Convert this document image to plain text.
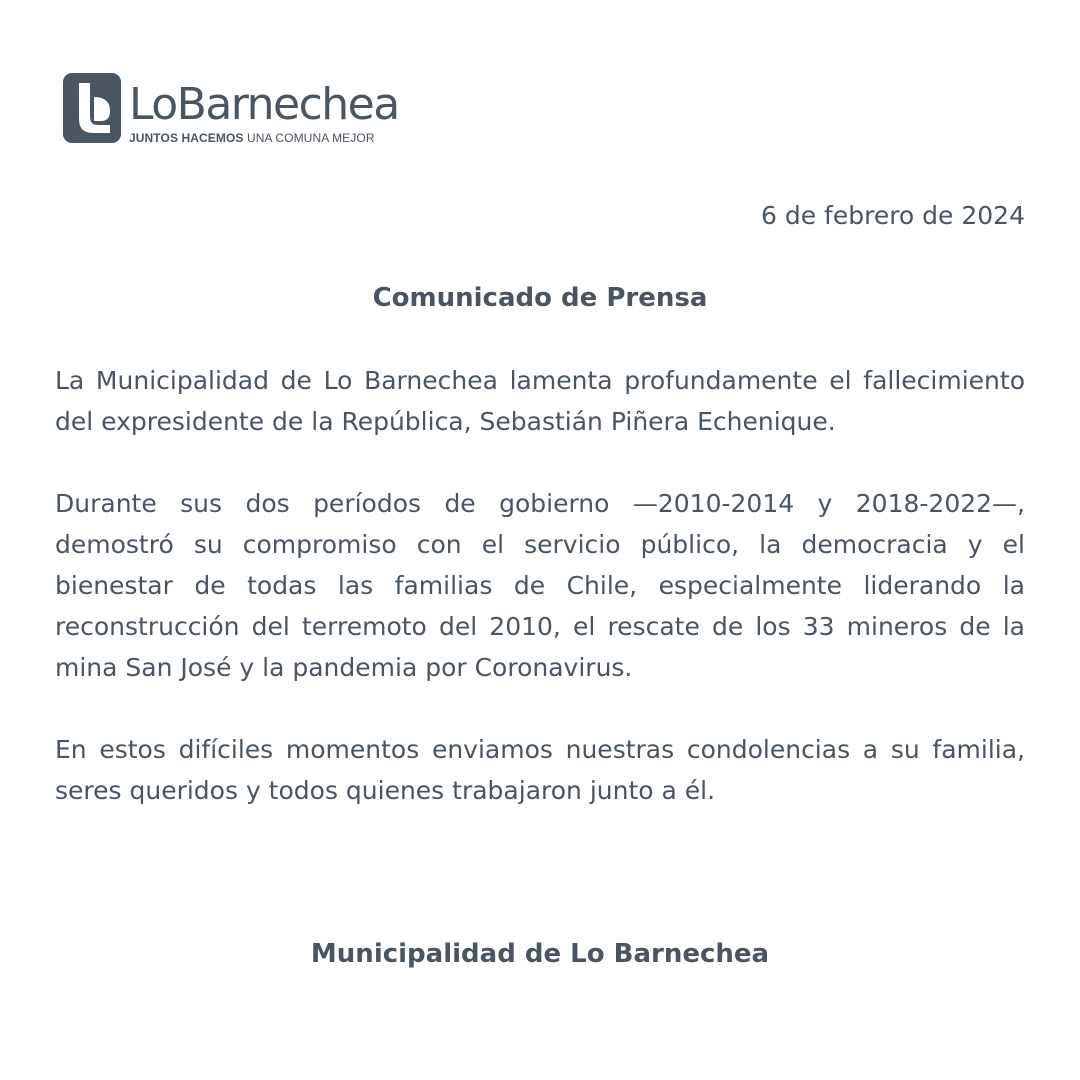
LoBarnechea
JUNTOS HACEMOS UNA COMUNA MEJOR
6 de febrero de 2024
Comunicado de Prensa

La Municipalidad de Lo Barnechea lamenta profundamente el fallecimiento del expresidente de la República, Sebastián Piñera Echenique.

Durante sus dos períodos de gobierno —2010-2014 y 2018-2022—, demostró su compromiso con el servicio público, la democracia y el bienestar de todas las familias de Chile, especialmente liderando la reconstrucción del terremoto del 2010, el rescate de los 33 mineros de la mina San José y la pandemia por Coronavirus.

En estos difíciles momentos enviamos nuestras condolencias a su familia, seres queridos y todos quienes trabajaron junto a él.

Municipalidad de Lo Barnechea
